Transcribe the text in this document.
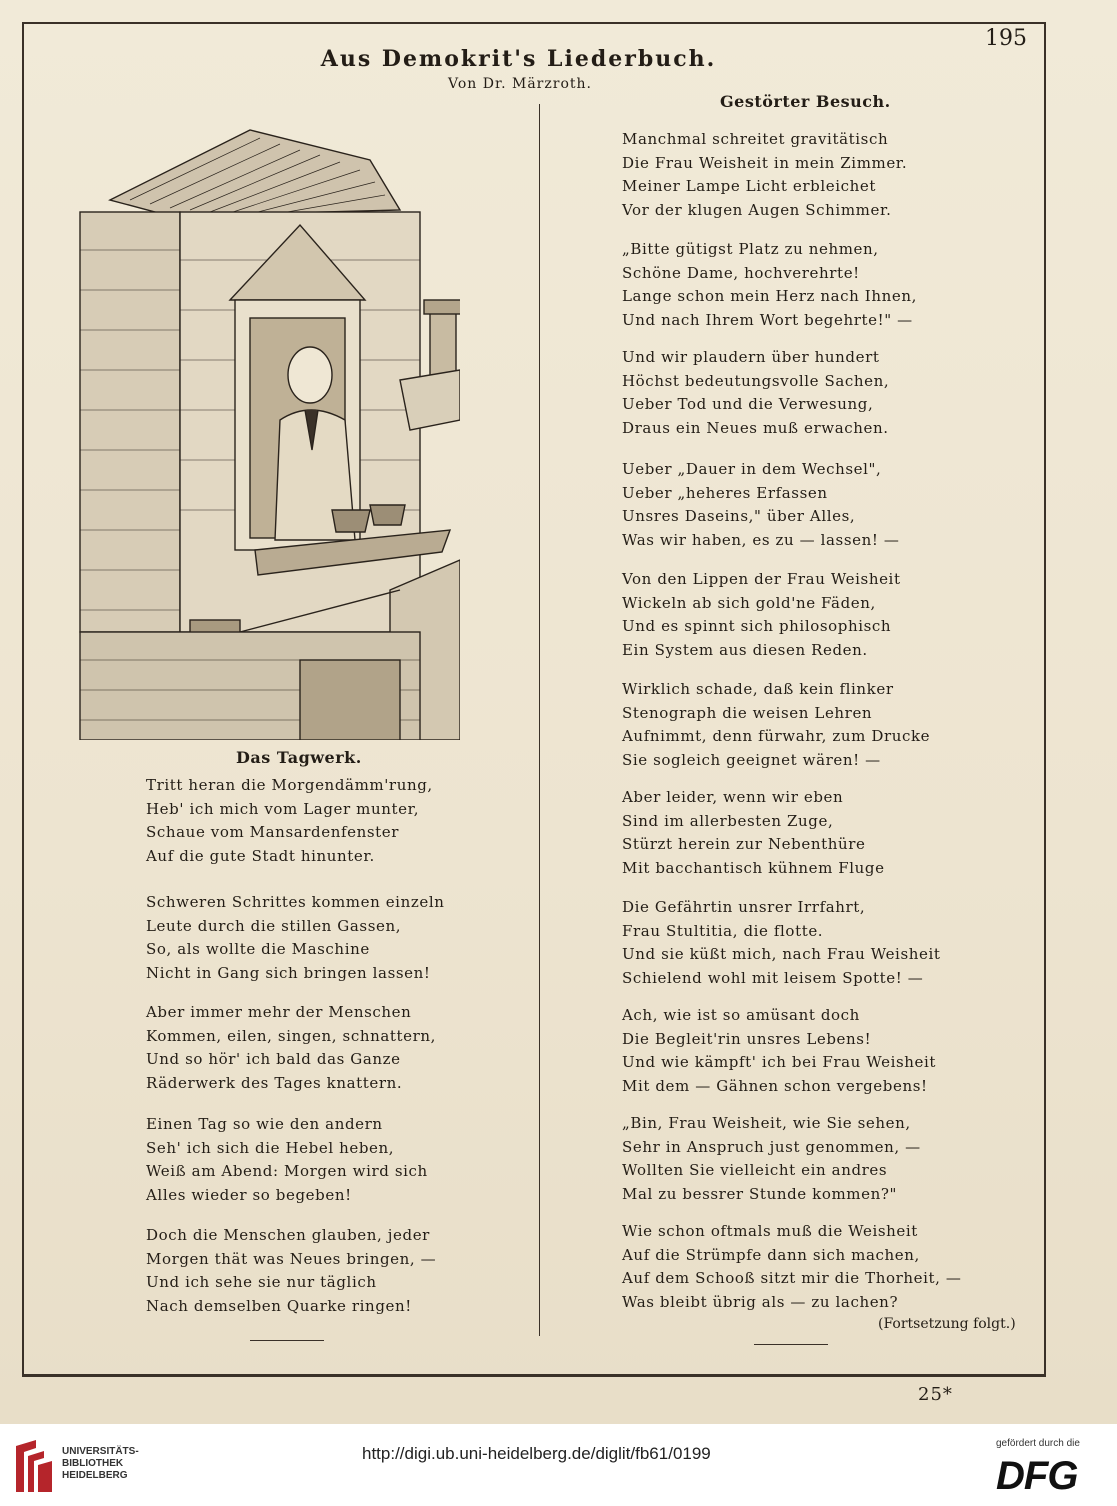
195
Aus Demokrit's Liederbuch.
Von Dr. Märzroth.
Das Tagwerk.
Tritt heran die Morgendämm'rung,
Heb' ich mich vom Lager munter,
Schaue vom Mansardenfenster
Auf die gute Stadt hinunter.
Schweren Schrittes kommen einzeln
Leute durch die stillen Gassen,
So, als wollte die Maschine
Nicht in Gang sich bringen lassen!
Aber immer mehr der Menschen
Kommen, eilen, singen, schnattern,
Und so hör' ich bald das Ganze
Räderwerk des Tages knattern.
Einen Tag so wie den andern
Seh' ich sich die Hebel heben,
Weiß am Abend: Morgen wird sich
Alles wieder so begeben!
Doch die Menschen glauben, jeder
Morgen thät was Neues bringen, —
Und ich sehe sie nur täglich
Nach demselben Quarke ringen!
Gestörter Besuch.
Manchmal schreitet gravitätisch
Die Frau Weisheit in mein Zimmer.
Meiner Lampe Licht erbleichet
Vor der klugen Augen Schimmer.
„Bitte gütigst Platz zu nehmen,
Schöne Dame, hochverehrte!
Lange schon mein Herz nach Ihnen,
Und nach Ihrem Wort begehrte!" —
Und wir plaudern über hundert
Höchst bedeutungsvolle Sachen,
Ueber Tod und die Verwesung,
Draus ein Neues muß erwachen.
Ueber „Dauer in dem Wechsel",
Ueber „heheres Erfassen
Unsres Daseins," über Alles,
Was wir haben, es zu — lassen! —
Von den Lippen der Frau Weisheit
Wickeln ab sich gold'ne Fäden,
Und es spinnt sich philosophisch
Ein System aus diesen Reden.
Wirklich schade, daß kein flinker
Stenograph die weisen Lehren
Aufnimmt, denn fürwahr, zum Drucke
Sie sogleich geeignet wären! —
Aber leider, wenn wir eben
Sind im allerbesten Zuge,
Stürzt herein zur Nebenthüre
Mit bacchantisch kühnem Fluge
Die Gefährtin unsrer Irrfahrt,
Frau Stultitia, die flotte.
Und sie küßt mich, nach Frau Weisheit
Schielend wohl mit leisem Spotte! —
Ach, wie ist so amüsant doch
Die Begleit'rin unsres Lebens!
Und wie kämpft' ich bei Frau Weisheit
Mit dem — Gähnen schon vergebens!
„Bin, Frau Weisheit, wie Sie sehen,
Sehr in Anspruch just genommen, —
Wollten Sie vielleicht ein andres
Mal zu bessrer Stunde kommen?"
Wie schon oftmals muß die Weisheit
Auf die Strümpfe dann sich machen,
Auf dem Schooß sitzt mir die Thorheit, —
Was bleibt übrig als — zu lachen?
(Fortsetzung folgt.)
25*
UNIVERSITÄTS-
BIBLIOTHEK
HEIDELBERG
http://digi.ub.uni-heidelberg.de/diglit/fb61/0199
gefördert durch die
DFG
